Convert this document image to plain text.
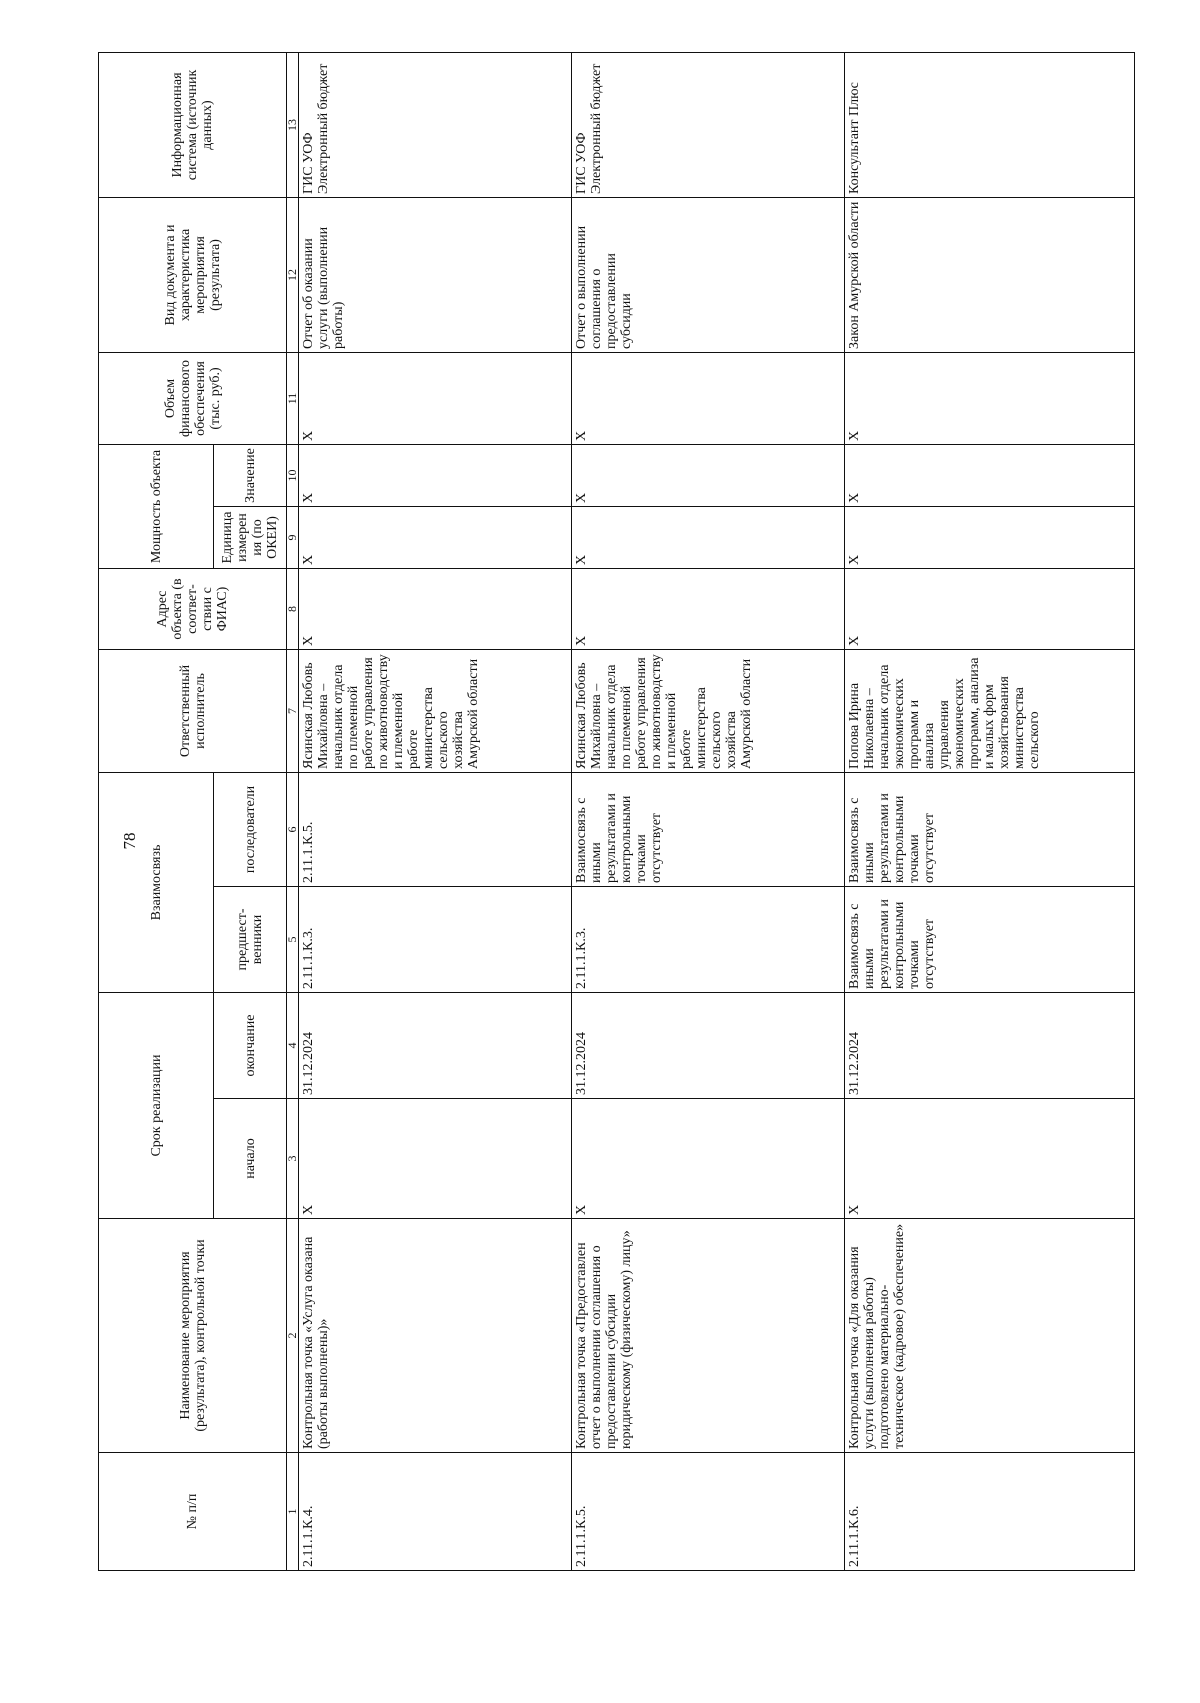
78
№ п/п	Наименование мероприятия (результата), контрольной точки	Срок реализации		Взаимосвязь		Ответственный исполнитель	Адрес объекта (в соответ-ствии с ФИАС)	Мощность объекта		Объем финансового обеспечения (тыс. руб.)	Вид документа и характеристика мероприятия (результата)	Информационная система (источник данных)
		начало	окончание	предшест-венники	последователи			Единица измерения (по ОКЕИ)	Значение			
1	2	3	4	5	6	7	8	9	10	11	12	13
2.11.1.К.4.	Контрольная точка «Услуга оказана (работы выполнены)»	Х	31.12.2024	2.11.1.К.3.	2.11.1.К.5.	Ясинская Любовь Михайловна – начальник отдела по племенной работе управления по животноводству и племенной работе министерства сельского хозяйства Амурской области	Х	Х	Х	Х	Отчет об оказании услуги (выполнении работы)	ГИС УОФ Электронный бюджет
2.11.1.К.5.	Контрольная точка «Предоставлен отчет о выполнении соглашения о предоставлении субсидии юридическому (физическому) лицу»	Х	31.12.2024	2.11.1.К.3.	Взаимосвязь с иными результатами и контрольными точками отсутствует	Ясинская Любовь Михайловна – начальник отдела по племенной работе управления по животноводству и племенной работе министерства сельского хозяйства Амурской области	Х	Х	Х	Х	Отчет о выполнении соглашения о предоставлении субсидии	ГИС УОФ Электронный бюджет
2.11.1.К.6.	Контрольная точка «Для оказания услуги (выполнения работы) подготовлено материально-техническое (кадровое) обеспечение»	Х	31.12.2024	Взаимосвязь с иными результатами и контрольными точками отсутствует	Взаимосвязь с иными результатами и контрольными точками отсутствует	Попова Ирина Николаевна – начальник отдела экономических программ и анализа управления экономических программ, анализа и малых форм хозяйствования министерства сельского	Х	Х	Х	Х	Закон Амурской области	Консультант Плюс
